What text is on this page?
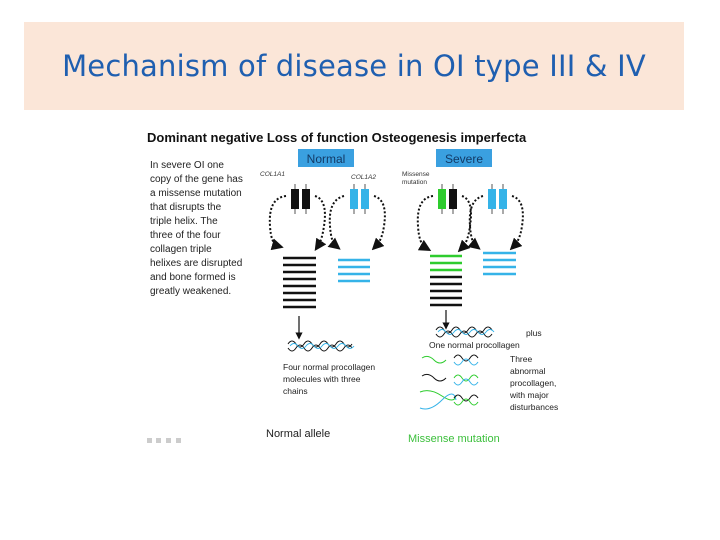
Mechanism of disease in OI type III & IV
Dominant negative Loss of function Osteogenesis imperfecta
Normal	Severe
COL1A1	COL1A2	Missense
mutation
In severe OI one
copy of the gene has
a missense mutation
that disrupts the
triple helix. The
three of the four
collagen triple
helixes are disrupted
and bone formed is
greatly weakened.
Four normal procollagen
molecules with three
chains
plus
One normal procollagen
Three
abnormal
procollagen,
with major
disturbances
Normal allele	Missense mutation
